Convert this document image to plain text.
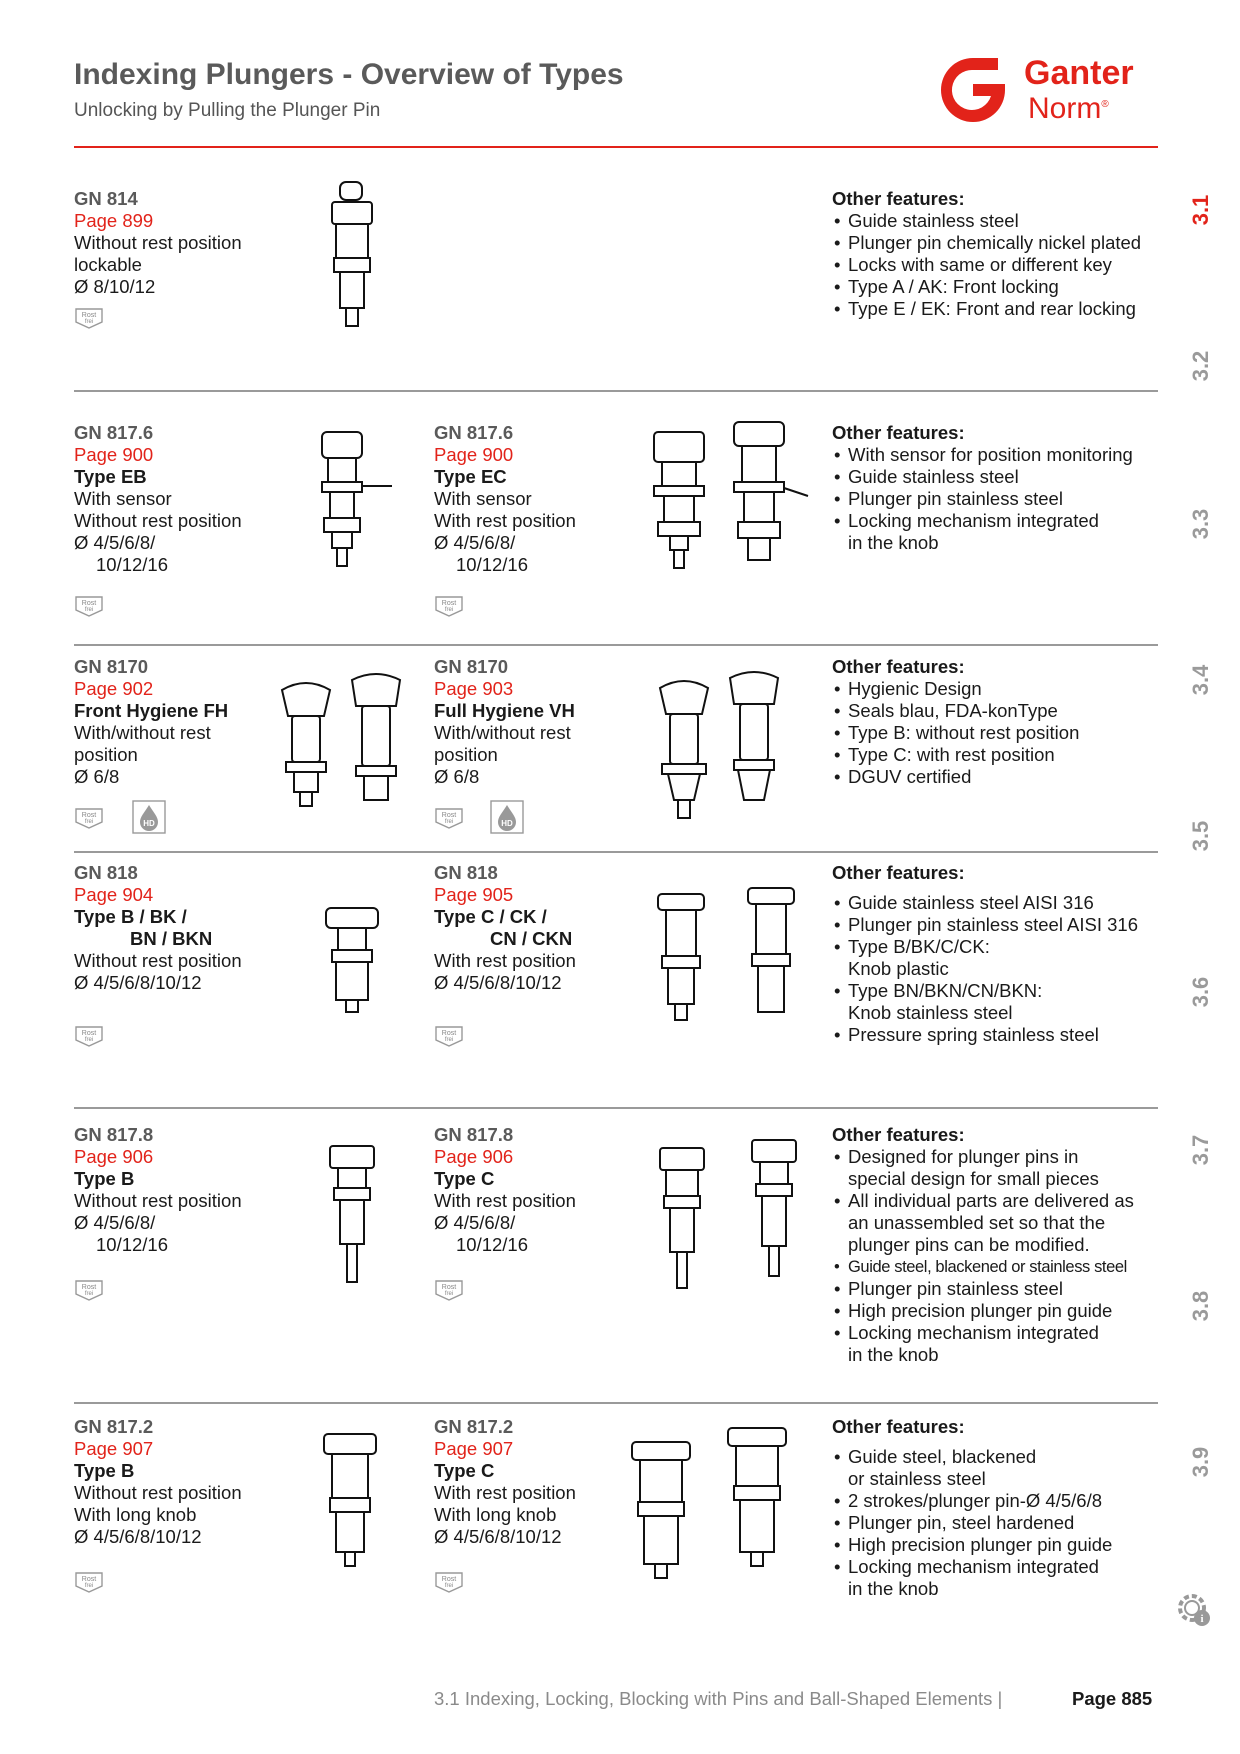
Indexing Plungers - Overview of Types
Unlocking by Pulling the Plunger Pin
Ganter
Norm®
3.1
3.2
3.3
3.4
3.5
3.6
3.7
3.8
3.9
GN 814
Page 899
Without rest position
lockable
Ø 8/10/12
Rost
frei
Other features:
• Guide stainless steel
• Plunger pin chemically nickel plated
• Locks with same or different key
• Type A / AK: Front locking
• Type E / EK: Front and rear locking
GN 817.6
Page 900
Type EB
With sensor
Without rest position
Ø 4/5/6/8/
10/12/16
Rost
frei
GN 817.6
Page 900
Type EC
With sensor
With rest position
Ø 4/5/6/8/
10/12/16
Rost
frei
Other features:
• With sensor for position monitoring
• Guide stainless steel
• Plunger pin stainless steel
• Locking mechanism integrated
in the knob
GN 8170
Page 902
Front Hygiene FH
With/without rest
position
Ø 6/8
Rost
frei	HD
GN 8170
Page 903
Full Hygiene VH
With/without rest
position
Ø 6/8
Rost
frei	HD
Other features:
• Hygienic Design
• Seals blau, FDA-konType
• Type B: without rest position
• Type C: with rest position
• DGUV certified
GN 818
Page 904
Type B / BK /
BN / BKN
Without rest position
Ø 4/5/6/8/10/12
Rost
frei
GN 818
Page 905
Type C / CK /
CN / CKN
With rest position
Ø 4/5/6/8/10/12
Rost
frei
Other features:
• Guide stainless steel AISI 316
• Plunger pin stainless steel AISI 316
• Type B/BK/C/CK:
Knob plastic
• Type BN/BKN/CN/BKN:
Knob stainless steel
• Pressure spring stainless steel
GN 817.8
Page 906
Type B
Without rest position
Ø 4/5/6/8/
10/12/16
Rost
frei
GN 817.8
Page 906
Type C
With rest position
Ø 4/5/6/8/
10/12/16
Rost
frei
Other features:
• Designed for plunger pins in
special design for small pieces
• All individual parts are delivered as
an unassembled set so that the
plunger pins can be modified.
• Guide steel, blackened or stainless steel
• Plunger pin stainless steel
• High precision plunger pin guide
• Locking mechanism integrated
in the knob
GN 817.2
Page 907
Type B
Without rest position
With long knob
Ø 4/5/6/8/10/12
Rost
frei
GN 817.2
Page 907
Type C
With rest position
With long knob
Ø 4/5/6/8/10/12
Rost
frei
Other features:
• Guide steel, blackened
or stainless steel
• 2 strokes/plunger pin-Ø 4/5/6/8
• Plunger pin, steel hardened
• High precision plunger pin guide
• Locking mechanism integrated
in the knob
i
3.1 Indexing, Locking, Blocking with Pins and Ball-Shaped Elements |	Page 885
